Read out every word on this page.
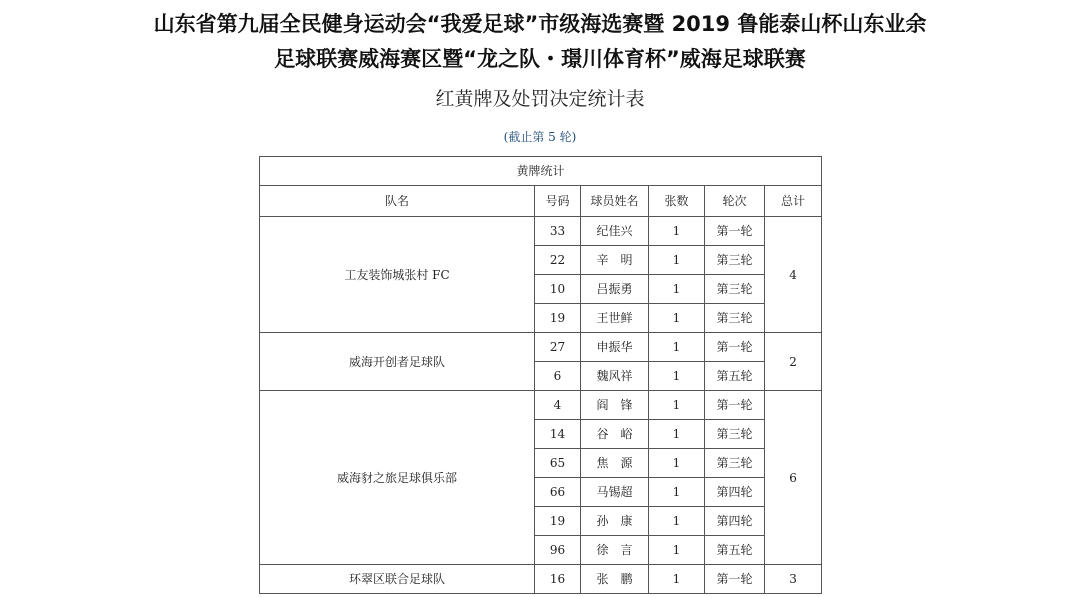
山东省第九届全民健身运动会“我爱足球”市级海选赛暨 2019 鲁能泰山杯山东业余
足球联赛威海赛区暨“龙之队・璟川体育杯”威海足球联赛
红黄牌及处罚决定统计表
(截止第 5 轮)
黄牌统计					
队名	号码	球员姓名	张数	轮次	总计
工友装饰城张村 FC	33	纪佳兴	1	第一轮	4
	22	辛　明	1	第三轮	
	10	吕振勇	1	第三轮	
	19	王世鲜	1	第三轮	
威海开创者足球队	27	申振华	1	第一轮	2
	6	魏风祥	1	第五轮	
威海豺之旅足球俱乐部	4	阎　锋	1	第一轮	6
	14	谷　峪	1	第三轮	
	65	焦　源	1	第三轮	
	66	马锡超	1	第四轮	
	19	孙　康	1	第四轮	
	96	徐　言	1	第五轮	
环翠区联合足球队	16	张　鹏	1	第一轮	3
